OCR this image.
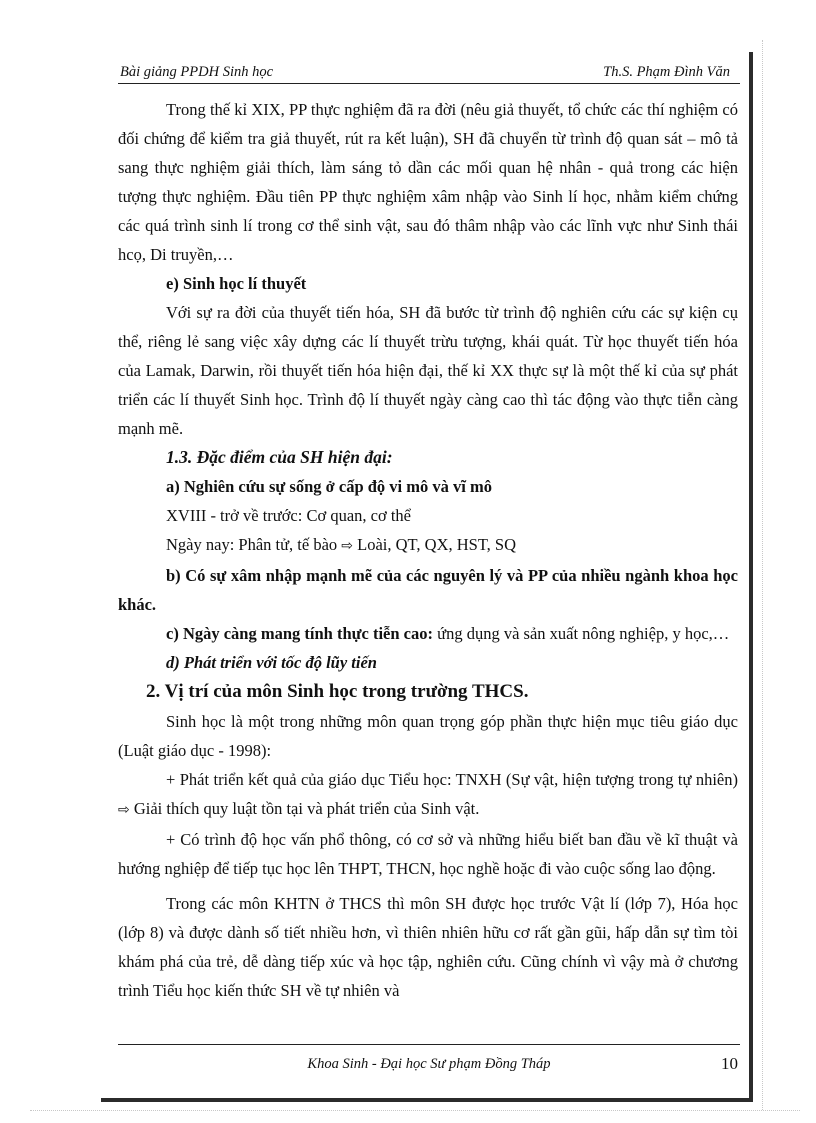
Bài giảng PPDH Sinh học	Th.S. Phạm Đình Văn

Trong thế kỉ XIX, PP thực nghiệm đã ra đời (nêu giả thuyết, tổ chức các thí nghiệm có đối chứng để kiểm tra giả thuyết, rút ra kết luận), SH đã chuyển từ trình độ quan sát – mô tả sang thực nghiệm giải thích, làm sáng tỏ dần các mối quan hệ nhân - quả trong các hiện tượng thực nghiệm. Đầu tiên PP thực nghiệm xâm nhập vào Sinh lí học, nhằm kiểm chứng các quá trình sinh lí trong cơ thể sinh vật, sau đó thâm nhập vào các lĩnh vực như Sinh thái hcọ, Di truyền,…

e) Sinh học lí thuyết

Với sự ra đời của thuyết tiến hóa, SH đã bước từ trình độ nghiên cứu các sự kiện cụ thể, riêng lẻ sang việc xây dựng các lí thuyết trừu tượng, khái quát. Từ học thuyết tiến hóa của Lamak, Darwin, rồi thuyết tiến hóa hiện đại, thế kỉ XX thực sự là một thế kỉ của sự phát triển các lí thuyết Sinh học. Trình độ lí thuyết ngày càng cao thì tác động vào thực tiễn càng mạnh mẽ.

1.3. Đặc điểm của SH hiện đại:

a) Nghiên cứu sự sống ở cấp độ vi mô và vĩ mô

XVIII - trở về trước: Cơ quan, cơ thể

Ngày nay: Phân tử, tế bào ⇨ Loài, QT, QX, HST, SQ

b) Có sự xâm nhập mạnh mẽ của các nguyên lý và PP của nhiều ngành khoa học khác.

c) Ngày càng mang tính thực tiễn cao: ứng dụng và sản xuất nông nghiệp, y học,…

d) Phát triển với tốc độ lũy tiến

2. Vị trí của môn Sinh học trong trường THCS.

Sinh học là một trong những môn quan trọng góp phần thực hiện mục tiêu giáo dục (Luật giáo dục - 1998):

+ Phát triển kết quả của giáo dục Tiểu học: TNXH (Sự vật, hiện tượng trong tự nhiên) ⇨ Giải thích quy luật tồn tại và phát triển của Sinh vật.

+ Có trình độ học vấn phổ thông, có cơ sở và những hiểu biết ban đầu về kĩ thuật và hướng nghiệp để tiếp tục học lên THPT, THCN, học nghề hoặc đi vào cuộc sống lao động.

Trong các môn KHTN ở THCS thì môn SH được học trước Vật lí (lớp 7), Hóa học (lớp 8) và được dành số tiết nhiều hơn, vì thiên nhiên hữu cơ rất gần gũi, hấp dẫn sự tìm tòi khám phá của trẻ, dễ dàng tiếp xúc và học tập, nghiên cứu. Cũng chính vì vậy mà ở chương trình Tiểu học kiến thức SH về tự nhiên và

Khoa Sinh - Đại học Sư phạm Đồng Tháp	10
